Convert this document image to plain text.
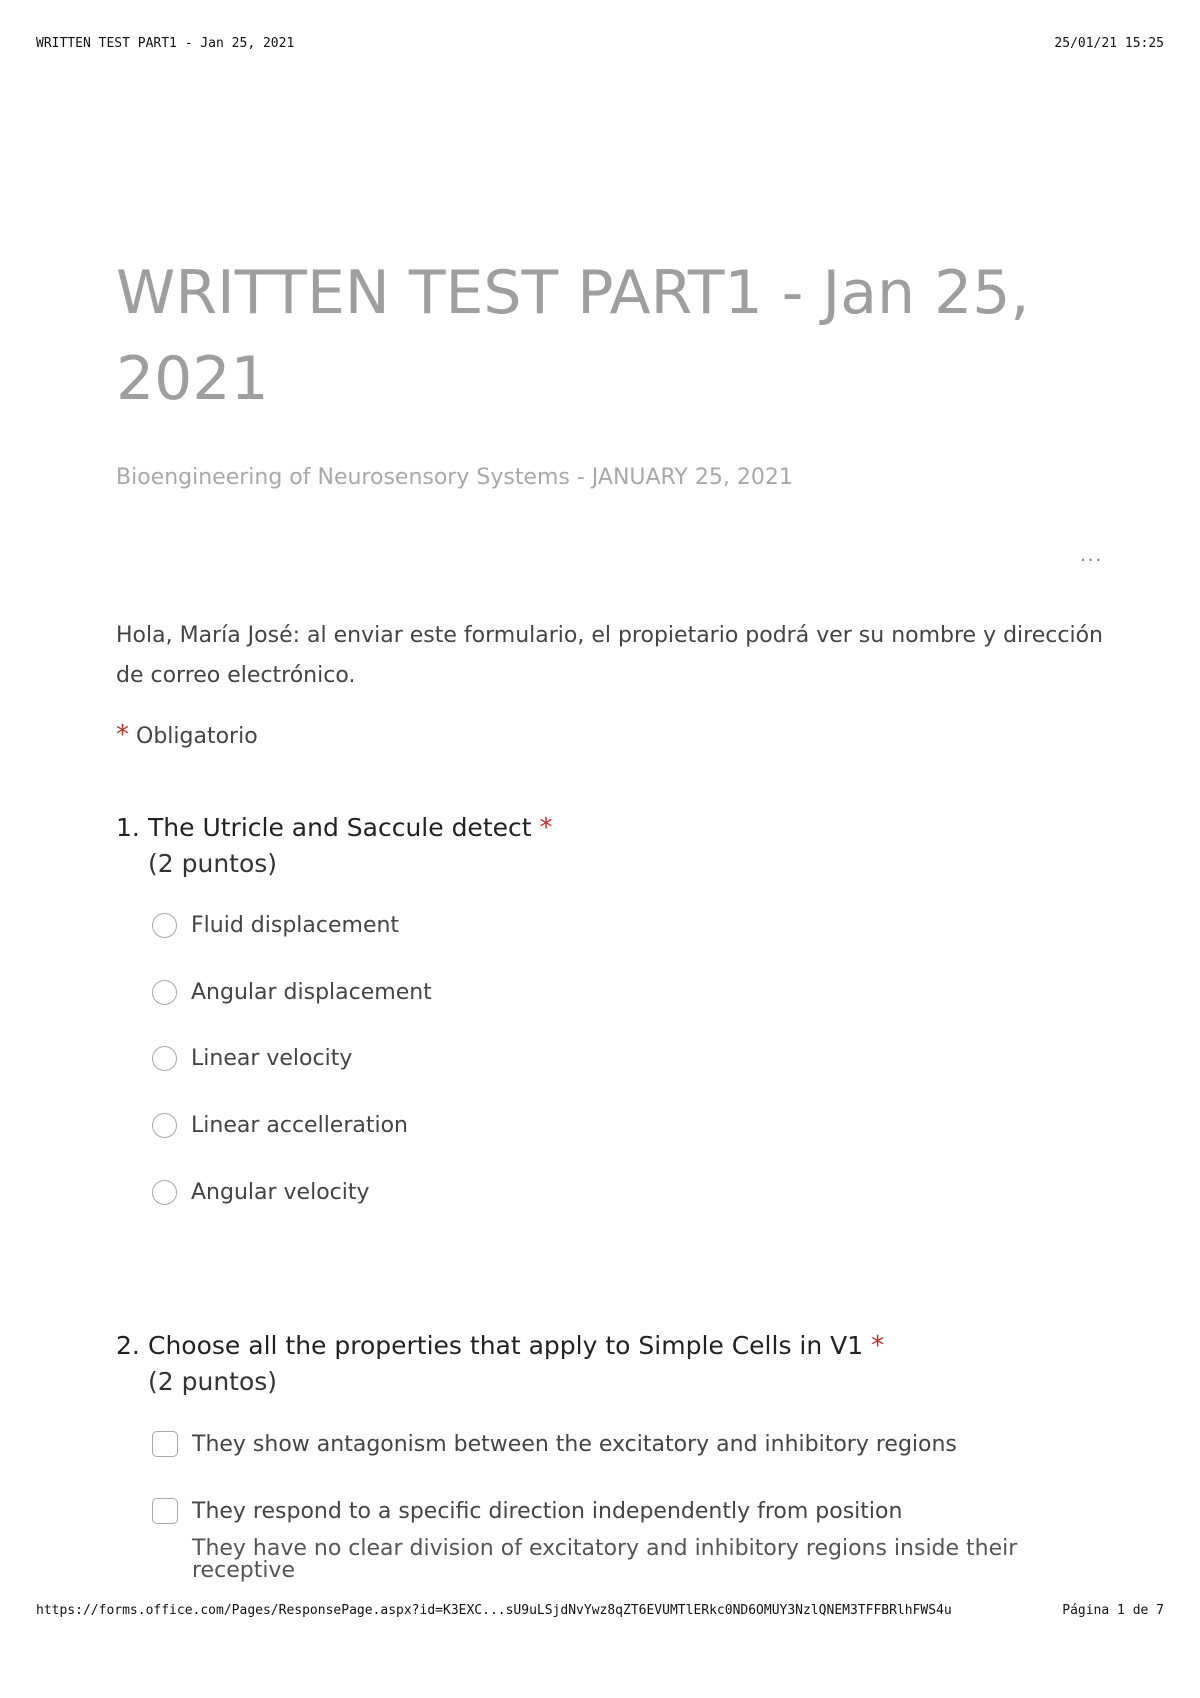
WRITTEN TEST PART1 - Jan 25, 2021	25/01/21 15:25
WRITTEN TEST PART1 - Jan 25, 2021
Bioengineering of Neurosensory Systems - JANUARY 25, 2021
...
Hola, María José: al enviar este formulario, el propietario podrá ver su nombre y dirección de correo electrónico.
* Obligatorio
1. The Utricle and Saccule detect *
(2 puntos)
Fluid displacement
Angular displacement
Linear velocity
Linear accelleration
Angular velocity
2. Choose all the properties that apply to Simple Cells in V1 *
(2 puntos)
They show antagonism between the excitatory and inhibitory regions
They respond to a specific direction independently from position
They have no clear division of excitatory and inhibitory regions inside their receptive
https://forms.office.com/Pages/ResponsePage.aspx?id=K3EXC...sU9uLSjdNvYwz8qZT6EVUMTlERkc0ND6OMUY3NzlQNEM3TFFBRlhFWS4u	Página 1 de 7
